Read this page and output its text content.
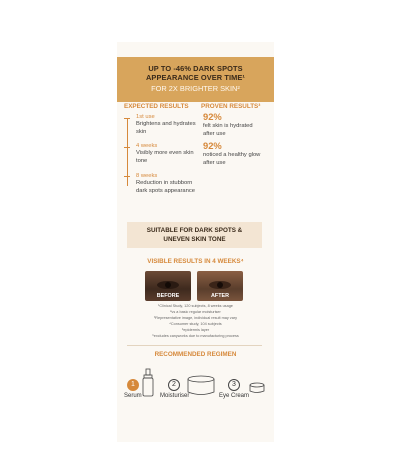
UP TO -46% DARK SPOTS
APPEARANCE OVER TIME¹
FOR 2X BRIGHTER SKIN²
EXPECTED RESULTS PROVEN RESULTS³
1st use
Brightens and hydrates skin
4 weeks
Visibly more even skin tone
8 weeks
Reduction in stubborn dark spots appearance
92%
felt skin is hydrated after use
92%
noticed a healthy glow after use
SUITABLE FOR DARK SPOTS &
UNEVEN SKIN TONE
VISIBLE RESULTS IN 4 WEEKS⁴
BEFORE	AFTER
¹Clinical Study, 120 subjects, 8 weeks usage
²vs a basic regular moisturiser
³Representative image, individual result may vary
⁴Consumer study, 104 subjects
⁵epidermis layer
⁶excludes canyworks due to manufacturing process
RECOMMENDED REGIMEN
1
Serum
2
Moisturiser
3
Eye Cream
